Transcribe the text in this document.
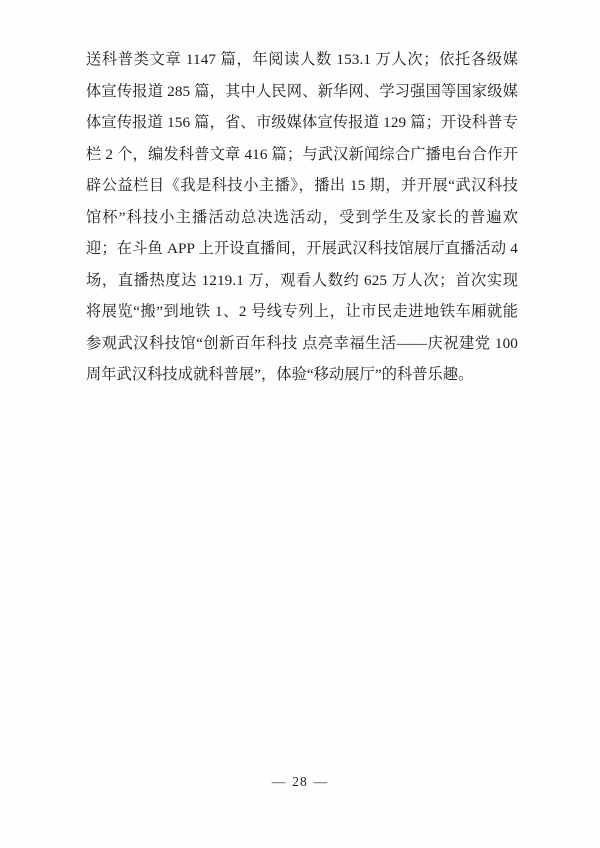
送科普类文章 1147 篇，年阅读人数 153.1 万人次；依托各级媒体宣传报道 285 篇，其中人民网、新华网、学习强国等国家级媒体宣传报道 156 篇，省、市级媒体宣传报道 129 篇；开设科普专栏 2 个，编发科普文章 416 篇；与武汉新闻综合广播电台合作开辟公益栏目《我是科技小主播》，播出 15 期，并开展“武汉科技馆杯”科技小主播活动总决选活动，受到学生及家长的普遍欢迎；在斗鱼 APP 上开设直播间，开展武汉科技馆展厅直播活动 4 场，直播热度达 1219.1 万，观看人数约 625 万人次；首次实现将展览“搬”到地铁 1、2 号线专列上，让市民走进地铁车厢就能参观武汉科技馆“创新百年科技 点亮幸福生活——庆祝建党 100 周年武汉科技成就科普展”，体验“移动展厅”的科普乐趣。
— 28 —
